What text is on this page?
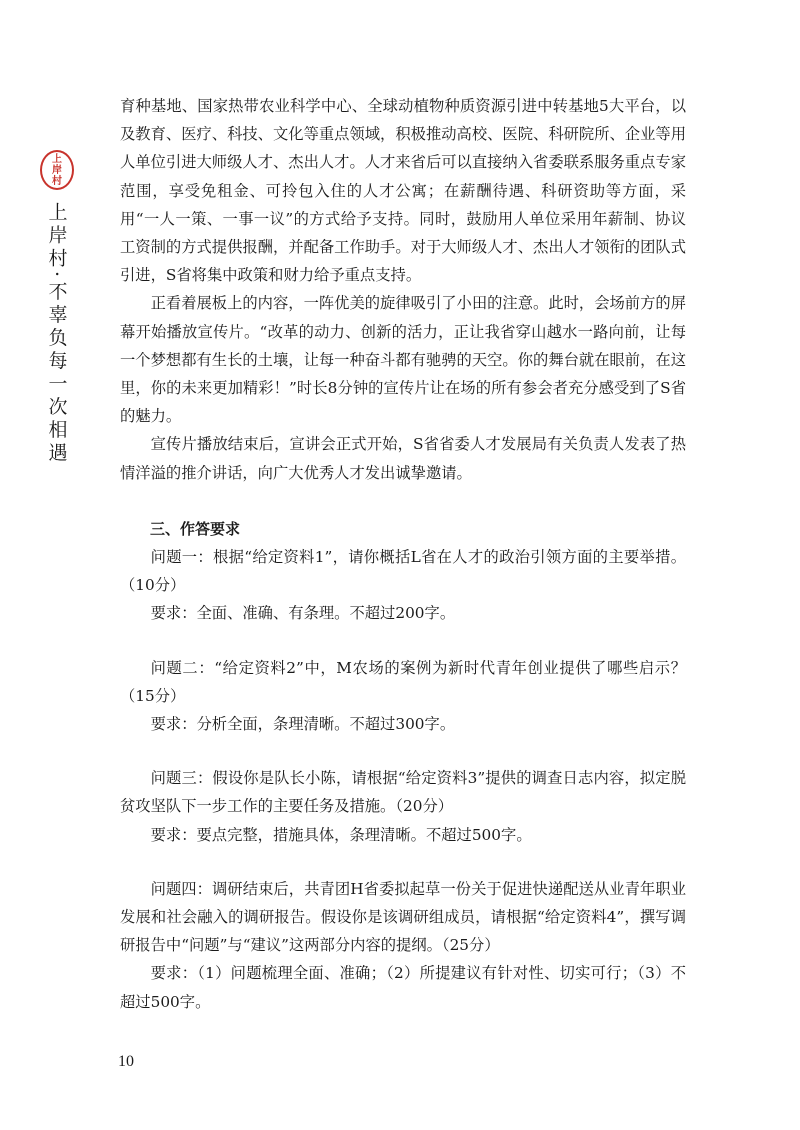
上岸村
上岸村·不辜负每一次相遇

育种基地、国家热带农业科学中心、全球动植物种质资源引进中转基地5大平台，以及教育、医疗、科技、文化等重点领域，积极推动高校、医院、科研院所、企业等用人单位引进大师级人才、杰出人才。人才来省后可以直接纳入省委联系服务重点专家范围，享受免租金、可拎包入住的人才公寓；在薪酬待遇、科研资助等方面，采用“一人一策、一事一议”的方式给予支持。同时，鼓励用人单位采用年薪制、协议工资制的方式提供报酬，并配备工作助手。对于大师级人才、杰出人才领衔的团队式引进，S省将集中政策和财力给予重点支持。

正看着展板上的内容，一阵优美的旋律吸引了小田的注意。此时，会场前方的屏幕开始播放宣传片。“改革的动力、创新的活力，正让我省穿山越水一路向前，让每一个梦想都有生长的土壤，让每一种奋斗都有驰骋的天空。你的舞台就在眼前，在这里，你的未来更加精彩！”时长8分钟的宣传片让在场的所有参会者充分感受到了S省的魅力。

宣传片播放结束后，宣讲会正式开始，S省省委人才发展局有关负责人发表了热情洋溢的推介讲话，向广大优秀人才发出诚挚邀请。

三、作答要求

问题一：根据“给定资料1”，请你概括L省在人才的政治引领方面的主要举措。（10分）

要求：全面、准确、有条理。不超过200字。

问题二：“给定资料2”中，M农场的案例为新时代青年创业提供了哪些启示？（15分）

要求：分析全面，条理清晰。不超过300字。

问题三：假设你是队长小陈，请根据“给定资料3”提供的调查日志内容，拟定脱贫攻坚队下一步工作的主要任务及措施。（20分）

要求：要点完整，措施具体，条理清晰。不超过500字。

问题四：调研结束后，共青团H省委拟起草一份关于促进快递配送从业青年职业发展和社会融入的调研报告。假设你是该调研组成员，请根据“给定资料4”，撰写调研报告中“问题”与“建议”这两部分内容的提纲。（25分）

要求：（1）问题梳理全面、准确；（2）所提建议有针对性、切实可行；（3）不超过500字。

10
